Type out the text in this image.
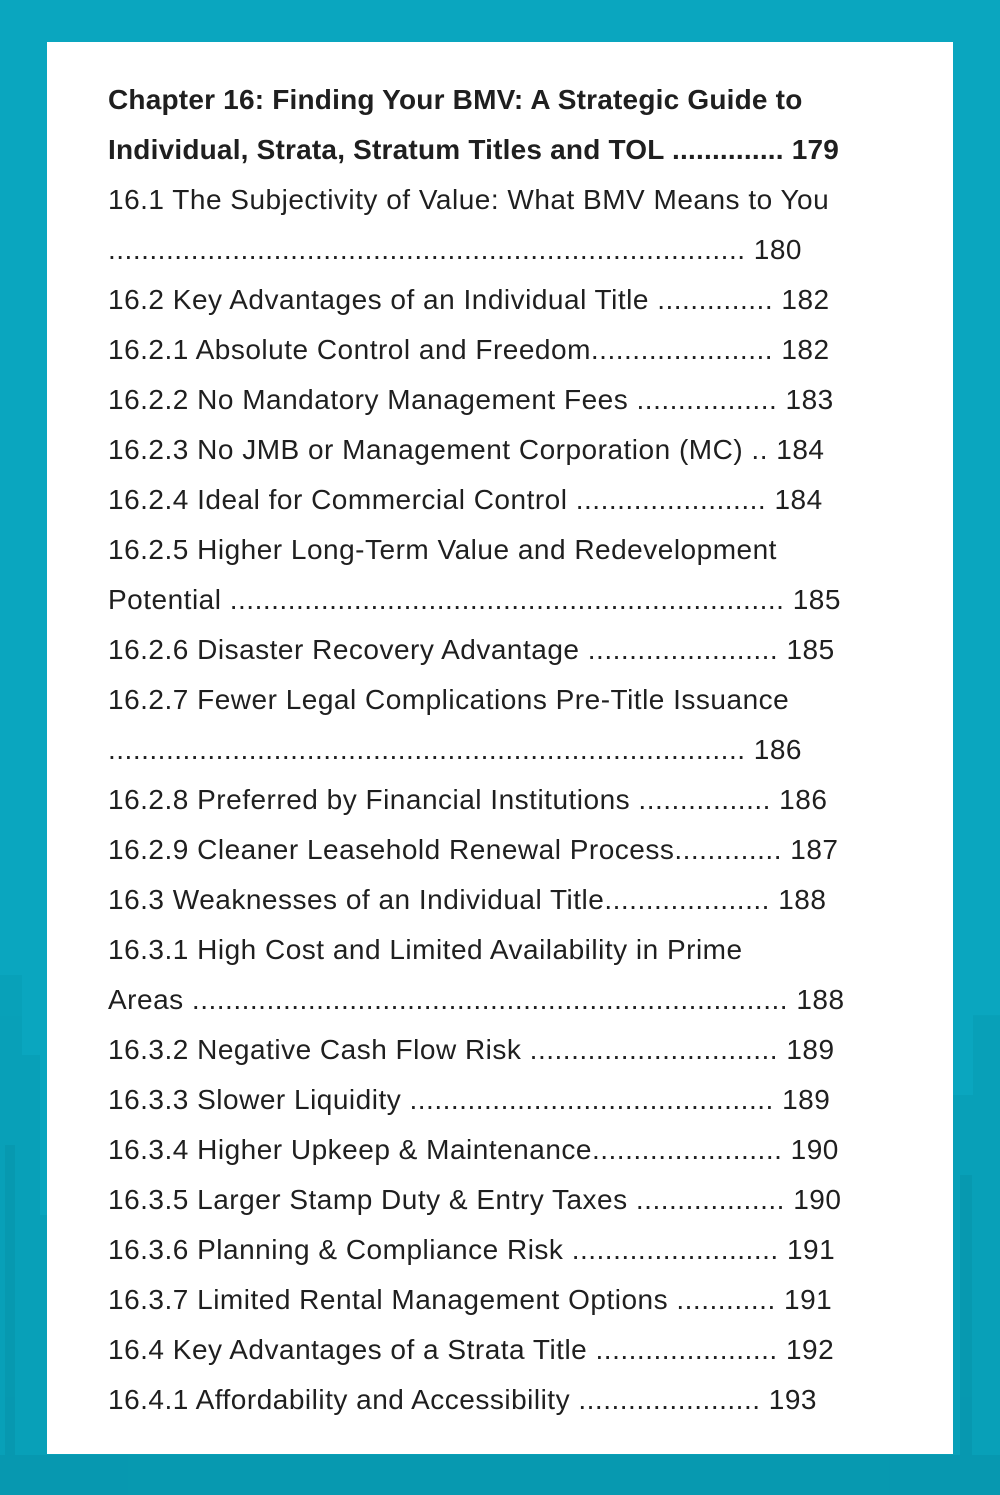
Chapter 16: Finding Your BMV: A Strategic Guide to
Individual, Strata, Stratum Titles and TOL .............. 179
16.1 The Subjectivity of Value: What BMV Means to You
............................................................................. 180
16.2 Key Advantages of an Individual Title .............. 182
16.2.1 Absolute Control and Freedom...................... 182
16.2.2 No Mandatory Management Fees ................. 183
16.2.3 No JMB or Management Corporation (MC) .. 184
16.2.4 Ideal for Commercial Control ....................... 184
16.2.5 Higher Long-Term Value and Redevelopment
Potential ................................................................... 185
16.2.6 Disaster Recovery Advantage ....................... 185
16.2.7 Fewer Legal Complications Pre-Title Issuance
............................................................................. 186
16.2.8 Preferred by Financial Institutions ................ 186
16.2.9 Cleaner Leasehold Renewal Process............. 187
16.3 Weaknesses of an Individual Title.................... 188
16.3.1 High Cost and Limited Availability in Prime
Areas ........................................................................ 188
16.3.2 Negative Cash Flow Risk .............................. 189
16.3.3 Slower Liquidity ............................................ 189
16.3.4 Higher Upkeep & Maintenance....................... 190
16.3.5 Larger Stamp Duty & Entry Taxes .................. 190
16.3.6 Planning & Compliance Risk ......................... 191
16.3.7 Limited Rental Management Options ............ 191
16.4 Key Advantages of a Strata Title ...................... 192
16.4.1 Affordability and Accessibility ...................... 193
